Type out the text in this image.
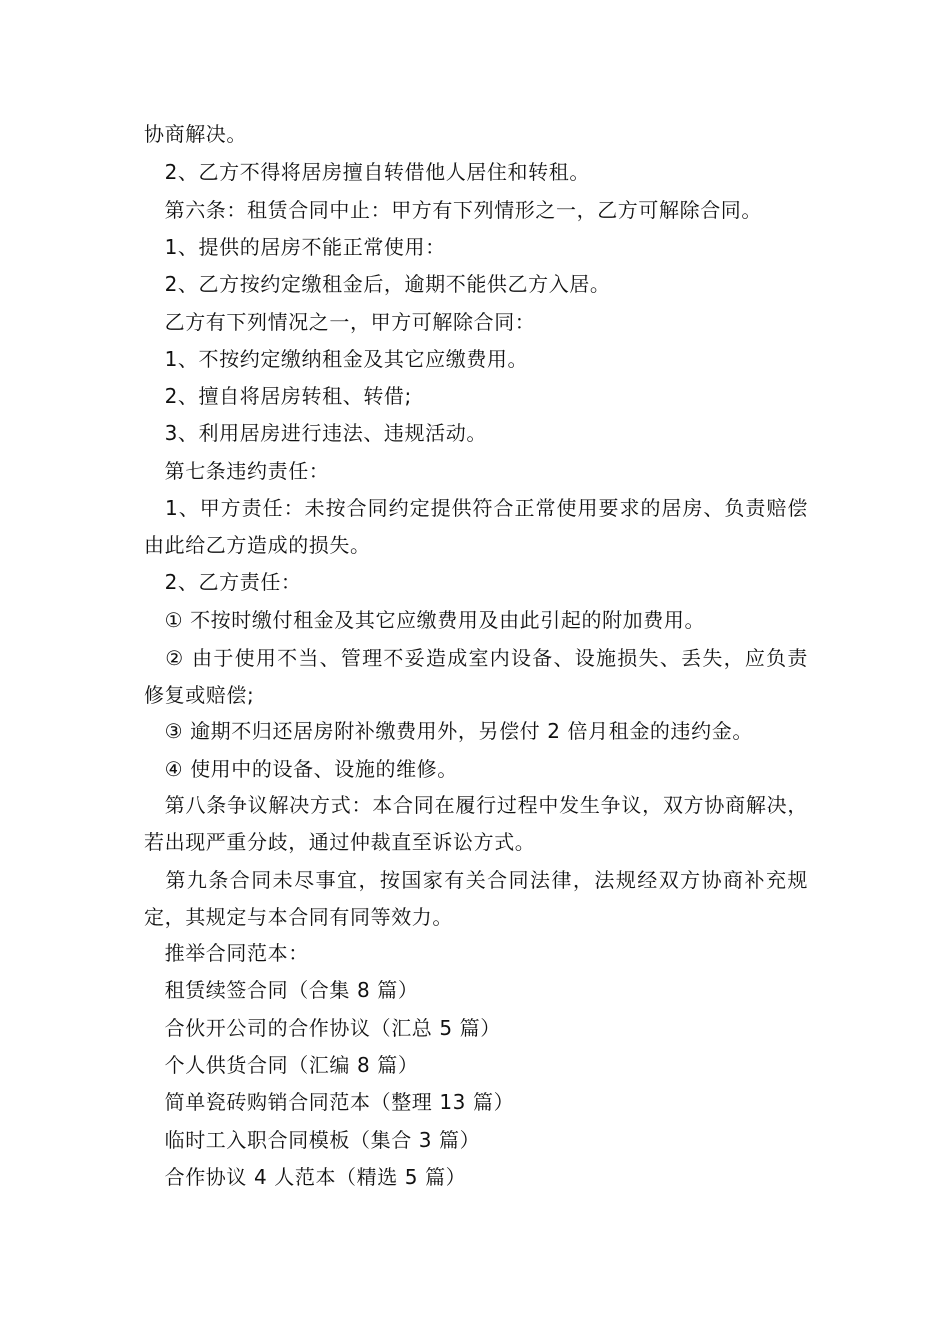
协商解决。

　2、乙方不得将居房擅自转借他人居住和转租。

　第六条：租赁合同中止：甲方有下列情形之一，乙方可解除合同。

　1、提供的居房不能正常使用：

　2、乙方按约定缴租金后，逾期不能供乙方入居。

　乙方有下列情况之一，甲方可解除合同：

　1、不按约定缴纳租金及其它应缴费用。

　2、擅自将居房转租、转借;

　3、利用居房进行违法、违规活动。

　第七条违约责任：

　1、甲方责任：未按合同约定提供符合正常使用要求的居房、负责赔偿由此给乙方造成的损失。

　2、乙方责任：

　① 不按时缴付租金及其它应缴费用及由此引起的附加费用。

　② 由于使用不当、管理不妥造成室内设备、设施损失、丢失，应负责修复或赔偿;

　③ 逾期不归还居房附补缴费用外，另偿付 2 倍月租金的违约金。

　④ 使用中的设备、设施的维修。

　第八条争议解决方式：本合同在履行过程中发生争议，双方协商解决，若出现严重分歧，通过仲裁直至诉讼方式。

　第九条合同未尽事宜，按国家有关合同法律，法规经双方协商补充规定，其规定与本合同有同等效力。

　推举合同范本：

　租赁续签合同（合集 8 篇）

　合伙开公司的合作协议（汇总 5 篇）

　个人供货合同（汇编 8 篇）

　简单瓷砖购销合同范本（整理 13 篇）

　临时工入职合同模板（集合 3 篇）

　合作协议 4 人范本（精选 5 篇）
